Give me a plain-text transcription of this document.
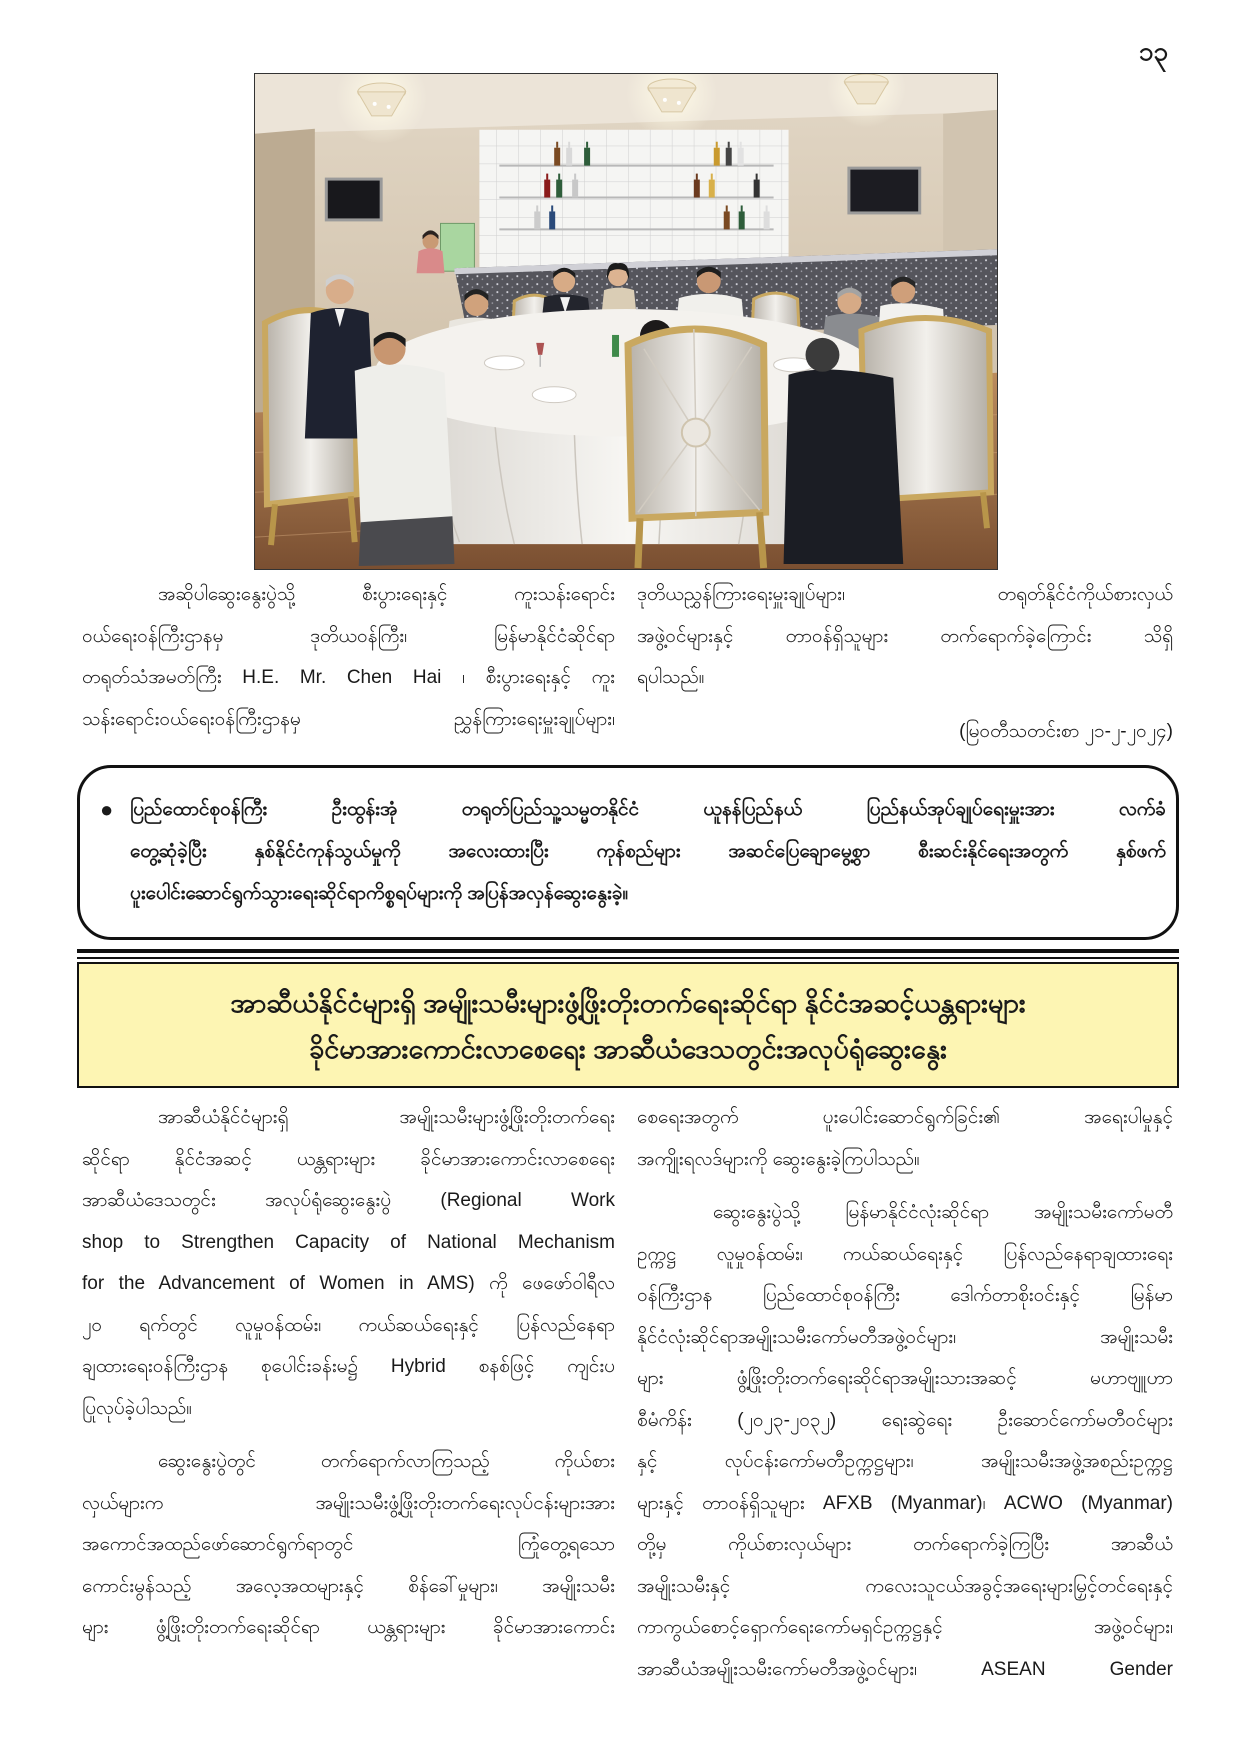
၁၃
အဆိုပါဆွေးနွေးပွဲသို့ စီးပွားရေးနှင့် ကူးသန်းရောင်း
ဝယ်ရေးဝန်ကြီးဌာနမှ ဒုတိယဝန်ကြီး၊ မြန်မာနိုင်ငံဆိုင်ရာ
တရုတ်သံအမတ်ကြီး H.E. Mr. Chen Hai ၊ စီးပွားရေးနှင့် ကူး
သန်းရောင်းဝယ်ရေးဝန်ကြီးဌာနမှ ညွှန်ကြားရေးမှူးချုပ်များ၊
ဒုတိယညွှန်ကြားရေးမှူးချုပ်များ၊ တရုတ်နိုင်ငံကိုယ်စားလှယ်
အဖွဲ့ဝင်များနှင့် တာဝန်ရှိသူများ တက်ရောက်ခဲ့ကြောင်း သိရှိ
ရပါသည်။
(မြဝတီသတင်းစာ ၂၁-၂-၂၀၂၄)
● ပြည်ထောင်စုဝန်ကြီး ဦးထွန်းအုံ တရုတ်ပြည်သူ့သမ္မတနိုင်ငံ ယူနန်ပြည်နယ် ပြည်နယ်အုပ်ချုပ်ရေးမှူးအား လက်ခံ
တွေ့ဆုံခဲ့ပြီး နှစ်နိုင်ငံကုန်သွယ်မှုကို အလေးထားပြီး ကုန်စည်များ အဆင်ပြေချောမွေ့စွာ စီးဆင်းနိုင်ရေးအတွက် နှစ်ဖက်
ပူးပေါင်းဆောင်ရွက်သွားရေးဆိုင်ရာကိစ္စရပ်များကို အပြန်အလှန်ဆွေးနွေးခဲ့။
အာဆီယံနိုင်ငံများရှိ အမျိုးသမီးများဖွံ့ဖြိုးတိုးတက်ရေးဆိုင်ရာ နိုင်ငံအဆင့်ယန္တရားများ
ခိုင်မာအားကောင်းလာစေရေး အာဆီယံဒေသတွင်းအလုပ်ရုံဆွေးနွေး
အာဆီယံနိုင်ငံများရှိ အမျိုးသမီးများဖွံ့ဖြိုးတိုးတက်ရေး
ဆိုင်ရာ နိုင်ငံအဆင့် ယန္တရားများ ခိုင်မာအားကောင်းလာစေရေး
အာဆီယံဒေသတွင်း အလုပ်ရုံဆွေးနွေးပွဲ (Regional Work
shop to Strengthen Capacity of National Mechanism
for the Advancement of Women in AMS) ကို ဖေဖော်ဝါရီလ
၂၀ ရက်တွင် လူမှုဝန်ထမ်း၊ ကယ်ဆယ်ရေးနှင့် ပြန်လည်နေရာ
ချထားရေးဝန်ကြီးဌာန စုပေါင်းခန်းမ၌ Hybrid စနစ်ဖြင့် ကျင်းပ
ပြုလုပ်ခဲ့ပါသည်။
ဆွေးနွေးပွဲတွင် တက်ရောက်လာကြသည့် ကိုယ်စား
လှယ်များက အမျိုးသမီးဖွံ့ဖြိုးတိုးတက်ရေးလုပ်ငန်းများအား
အကောင်အထည်ဖော်ဆောင်ရွက်ရာတွင် ကြုံတွေ့ရသော
ကောင်းမွန်သည့် အလေ့အထများနှင့် စိန်ခေါ်မှုများ၊ အမျိုးသမီး
များ ဖွံ့ဖြိုးတိုးတက်ရေးဆိုင်ရာ ယန္တရားများ ခိုင်မာအားကောင်း
စေရေးအတွက် ပူးပေါင်းဆောင်ရွက်ခြင်း၏ အရေးပါမှုနှင့်
အကျိုးရလဒ်များကို ဆွေးနွေးခဲ့ကြပါသည်။
ဆွေးနွေးပွဲသို့ မြန်မာနိုင်ငံလုံးဆိုင်ရာ အမျိုးသမီးကော်မတီ
ဥက္ကဋ္ဌ လူမှုဝန်ထမ်း၊ ကယ်ဆယ်ရေးနှင့် ပြန်လည်နေရာချထားရေး
ဝန်ကြီးဌာန ပြည်ထောင်စုဝန်ကြီး ဒေါက်တာစိုးဝင်းနှင့် မြန်မာ
နိုင်ငံလုံးဆိုင်ရာအမျိုးသမီးကော်မတီအဖွဲ့ဝင်များ၊ အမျိုးသမီး
များ ဖွံ့ဖြိုးတိုးတက်ရေးဆိုင်ရာအမျိုးသားအဆင့် မဟာဗျူဟာ
စီမံကိန်း (၂၀၂၃-၂၀၃၂) ရေးဆွဲရေး ဦးဆောင်ကော်မတီဝင်များ
နှင့် လုပ်ငန်းကော်မတီဥက္ကဋ္ဌများ၊ အမျိုးသမီးအဖွဲ့အစည်းဥက္ကဋ္ဌ
များနှင့် တာဝန်ရှိသူများ AFXB (Myanmar)၊ ACWO (Myanmar)
တို့မှ ကိုယ်စားလှယ်များ တက်ရောက်ခဲ့ကြပြီး အာဆီယံ
အမျိုးသမီးနှင့် ကလေးသူငယ်အခွင့်အရေးများမြှင့်တင်ရေးနှင့်
ကာကွယ်စောင့်ရှောက်ရေးကော်မရှင်ဥက္ကဋ္ဌနှင့် အဖွဲ့ဝင်များ၊
အာဆီယံအမျိုးသမီးကော်မတီအဖွဲ့ဝင်များ၊ ASEAN Gender
